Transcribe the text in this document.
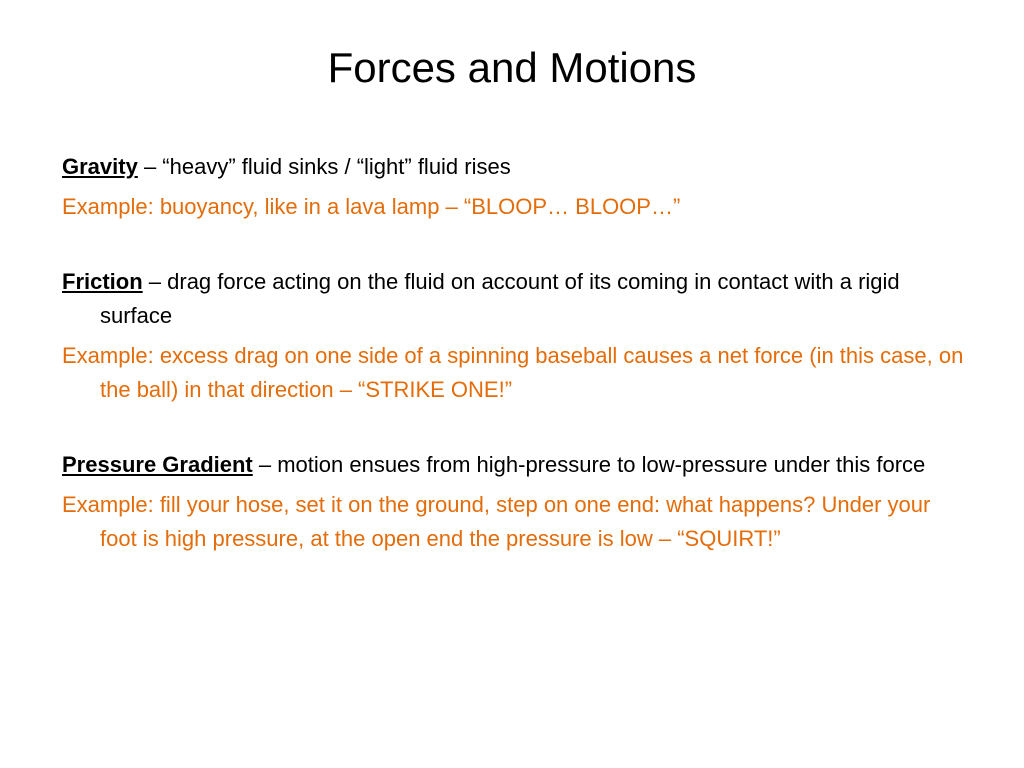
Forces and Motions

Gravity – “heavy” fluid sinks / “light” fluid rises

Example: buoyancy, like in a lava lamp – “BLOOP… BLOOP…”

Friction – drag force acting on the fluid on account of its coming in contact with a rigid surface

Example: excess drag on one side of a spinning baseball causes a net force (in this case, on the ball) in that direction – “STRIKE ONE!”

Pressure Gradient – motion ensues from high-pressure to low-pressure under this force

Example: fill your hose, set it on the ground, step on one end: what happens? Under your foot is high pressure, at the open end the pressure is low – “SQUIRT!”
